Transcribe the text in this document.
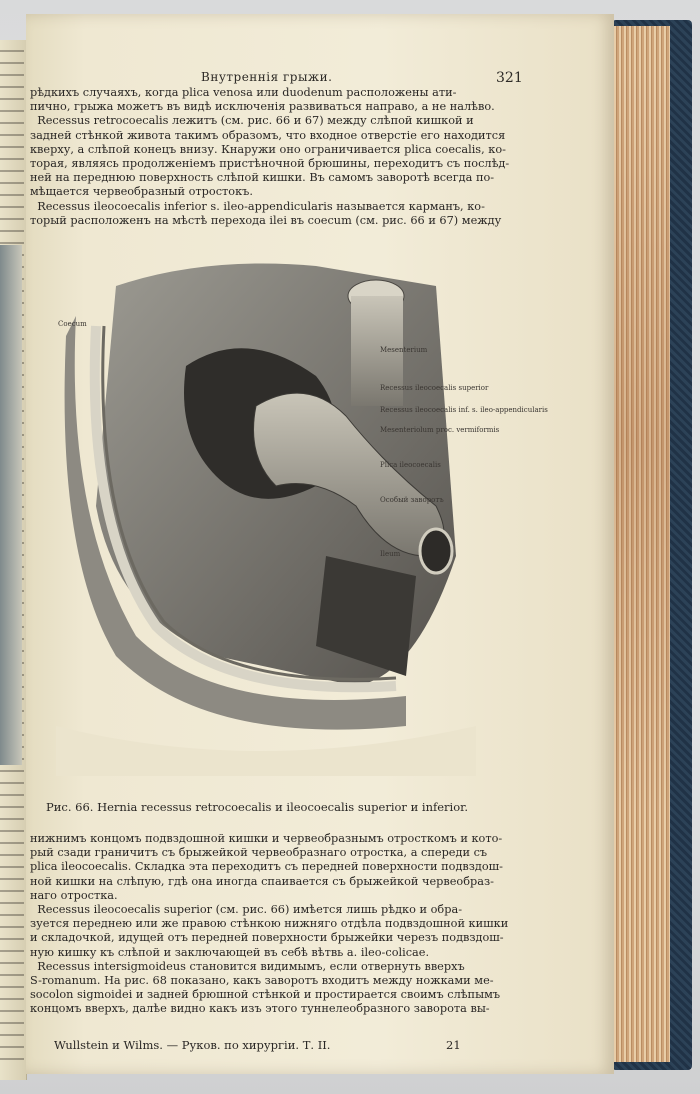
Внутреннія грыжи.	321
рѣдкихъ случаяхъ, когда plica venosa или duodenum расположены ати-
пично, грыжа можетъ въ видѣ исключенія развиваться направо, а не налѣво.
Recessus retrocoecalis лежитъ (см. рис. 66 и 67) между слѣпой кишкой и
задней стѣнкой живота такимъ образомъ, что входное отверстіе его находится
кверху, а слѣпой конецъ внизу. Кнаружи оно ограничивается plica coecalis, ко-
торая, являясь продолженіемъ пристѣночной брюшины, переходитъ съ послѣд-
ней на переднюю поверхность слѣпой кишки. Въ самомъ заворотѣ всегда по-
мѣщается червеобразный отростокъ.
Recessus ileocoecalis inferior s. ileo-appendicularis называется карманъ, ко-
торый расположенъ на мѣстѣ перехода ilei въ coecum (см. рис. 66 и 67) между
Mesenterium
Recessus ileocoecalis superior
Recessus ileocoecalis inf. s. ileo-appendicularis
Mesenteriolum proc. vermiformis
Plica ileocoecalis
Особый заворотъ
Ileum
Coecum
Рис. 66. Hernia recessus retrocoecalis и ileocoecalis superior и inferior.
нижнимъ концомъ подвздошной кишки и червеобразнымъ отросткомъ и кото-
рый сзади граничитъ съ брыжейкой червеобразнаго отростка, а спереди съ
plica ileocoecalis. Складка эта переходитъ съ передней поверхности подвздош-
ной кишки на слѣпую, гдѣ она иногда спаивается съ брыжейкой червеобраз-
наго отростка.
Recessus ileocoecalis superior (см. рис. 66) имѣется лишь рѣдко и обра-
зуется переднею или же правою стѣнкою нижняго отдѣла подвздошной кишки
и складочкой, идущей отъ передней поверхности брыжейки черезъ подвздош-
ную кишку къ слѣпой и заключающей въ себѣ вѣтвь a. ileo-colicae.
Recessus intersigmoideus становится видимымъ, если отвернуть вверхъ
S-romanum. На рис. 68 показано, какъ заворотъ входитъ между ножками ме-
socolon sigmoidei и задней брюшной стѣнкой и простирается своимъ слѣпымъ
концомъ вверхъ, далѣе видно какъ изъ этого туннелеобразного заворота вы-
Wullstein и Wilms. — Руков. по хирургіи. Т. II.	21
